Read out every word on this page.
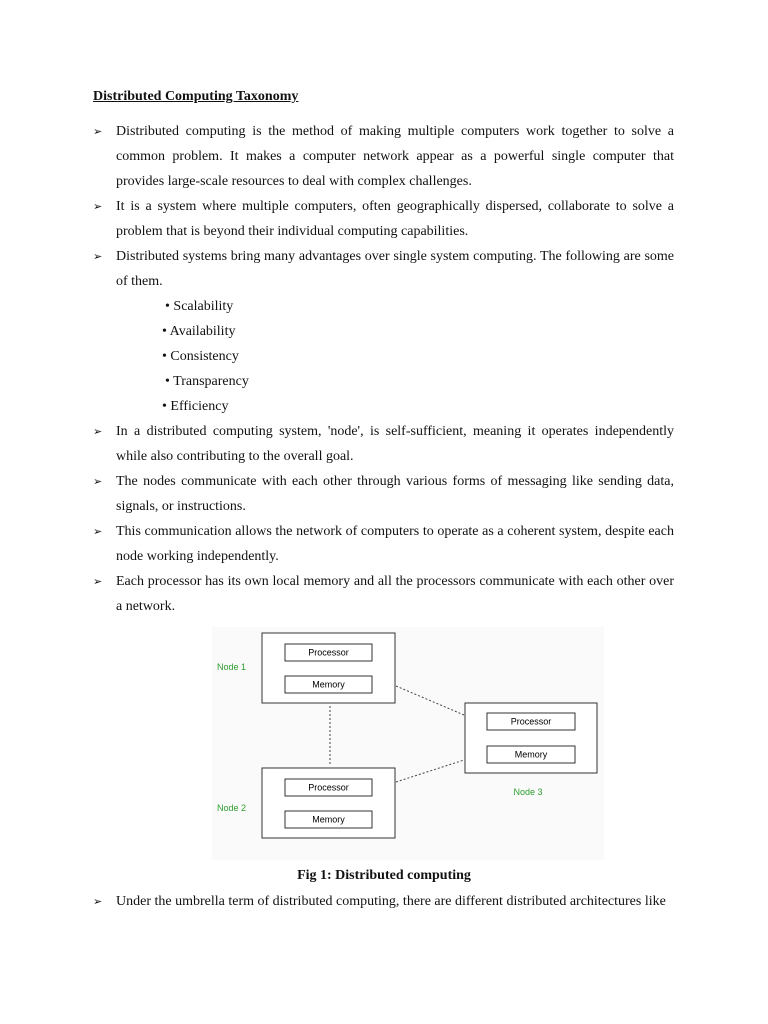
Distributed Computing Taxonomy
➢ Distributed computing is the method of making multiple computers work together to solve a common problem. It makes a computer network appear as a powerful single computer that provides large-scale resources to deal with complex challenges.
➢ It is a system where multiple computers, often geographically dispersed, collaborate to solve a problem that is beyond their individual computing capabilities.
➢ Distributed systems bring many advantages over single system computing. The following are some of them.
• Scalability
• Availability
• Consistency
• Transparency
• Efficiency
➢ In a distributed computing system, 'node', is self-sufficient, meaning it operates independently while also contributing to the overall goal.
➢ The nodes communicate with each other through various forms of messaging like sending data, signals, or instructions.
➢ This communication allows the network of computers to operate as a coherent system, despite each node working independently.
➢ Each processor has its own local memory and all the processors communicate with each other over a network.
Processor
Memory
Node 1
Processor
Memory
Node 2
Processor
Memory
Node 3

Fig 1: Distributed computing

➢ Under the umbrella term of distributed computing, there are different distributed architectures like
